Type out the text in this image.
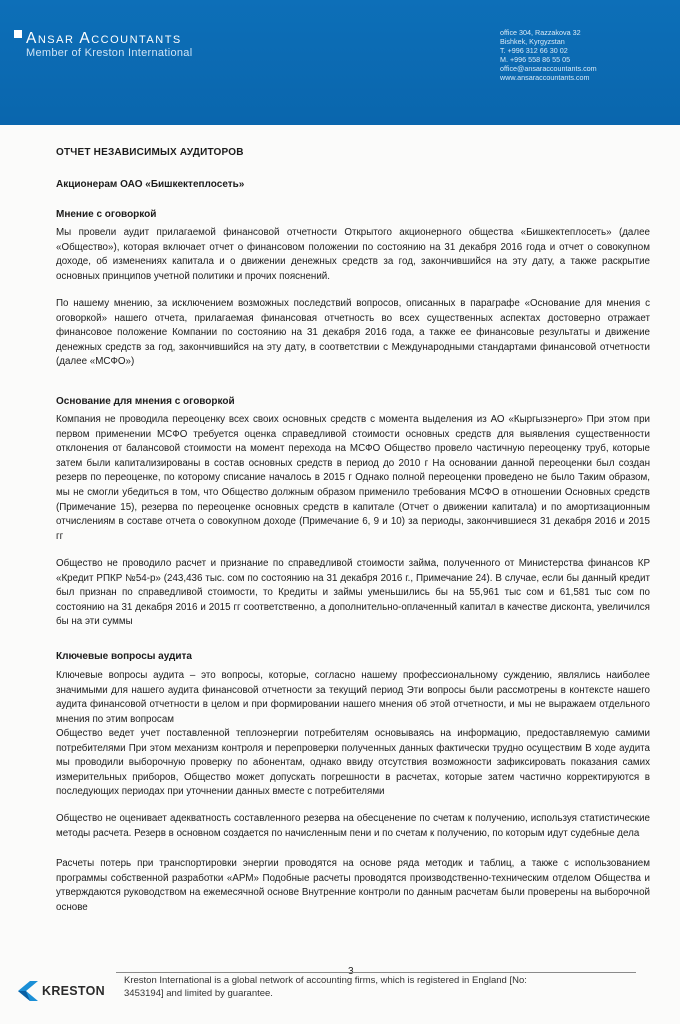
Ansar Accountants
Member of Kreston International
office 304, Razzakova 32
Bishkek, Kyrgyzstan
T. +996 312 66 30 02
M. +996 558 86 55 05
office@ansaraccountants.com
www.ansaraccountants.com
ОТЧЕТ НЕЗАВИСИМЫХ АУДИТОРОВ
Акционерам ОАО «Бишкектеплосеть»
Мнение с оговоркой
Мы провели аудит прилагаемой финансовой отчетности Открытого акционерного общества «Бишкектеплосеть» (далее «Общество»), которая включает отчет о финансовом положении по состоянию на 31 декабря 2016 года и отчет о совокупном доходе, об изменениях капитала и о движении денежных средств за год, закончившийся на эту дату, а также раскрытие основных принципов учетной политики и прочих пояснений.
По нашему мнению, за исключением возможных последствий вопросов, описанных в параграфе «Основание для мнения с оговоркой» нашего отчета, прилагаемая финансовая отчетность во всех существенных аспектах достоверно отражает финансовое положение Компании по состоянию на 31 декабря 2016 года, а также ее финансовые результаты и движение денежных средств за год, закончившийся на эту дату, в соответствии с Международными стандартами финансовой отчетности (далее «МСФО»)
Основание для мнения с оговоркой
Компания не проводила переоценку всех своих основных средств с момента выделения из АО «Кыргызэнерго» При этом при первом применении МСФО требуется оценка справедливой стоимости основных средств для выявления существенности отклонения от балансовой стоимости на момент перехода на МСФО Общество провело частичную переоценку труб, которые затем были капитализированы в состав основных средств в период до 2010 г На основании данной переоценки был создан резерв по переоценке, по которому списание началось в 2015 г Однако полной переоценки проведено не было Таким образом, мы не смогли убедиться в том, что Общество должным образом применило требования МСФО в отношении Основных средств (Примечание 15), резерва по переоценке основных средств в капитале (Отчет о движении капитала) и по амортизационным отчислениям в составе отчета о совокупном доходе (Примечание 6, 9 и 10) за периоды, закончившиеся 31 декабря 2016 и 2015 гг
Общество не проводило расчет и признание по справедливой стоимости займа, полученного от Министерства финансов КР «Кредит РПКР №54-р» (243,436 тыс. сом по состоянию на 31 декабря 2016 г., Примечание 24). В случае, если бы данный кредит был признан по справедливой стоимости, то Кредиты и займы уменьшились бы на 55,961 тыс сом и 61,581 тыс сом по состоянию на 31 декабря 2016 и 2015 гг соответственно, а дополнительно-оплаченный капитал в качестве дисконта, увеличился бы на эти суммы
Ключевые вопросы аудита
Ключевые вопросы аудита – это вопросы, которые, согласно нашему профессиональному суждению, являлись наиболее значимыми для нашего аудита финансовой отчетности за текущий период Эти вопросы были рассмотрены в контексте нашего аудита финансовой отчетности в целом и при формировании нашего мнения об этой отчетности, и мы не выражаем отдельного мнения по этим вопросам
Общество ведет учет поставленной теплоэнергии потребителям основываясь на информацию, предоставляемую самими потребителями При этом механизм контроля и перепроверки полученных данных фактически трудно осуществим В ходе аудита мы проводили выборочную проверку по абонентам, однако ввиду отсутствия возможности зафиксировать показания самих измерительных приборов, Общество может допускать погрешности в расчетах, которые затем частично корректируются в последующих периодах при уточнении данных вместе с потребителями
Общество не оценивает адекватность составленного резерва на обесценение по счетам к получению, используя статистические методы расчета. Резерв в основном создается по начисленным пени и по счетам к получению, по которым идут судебные дела
Расчеты потерь при транспортировки энергии проводятся на основе ряда методик и таблиц, а также с использованием программы собственной разработки «АРМ» Подобные расчеты проводятся производственно-техническим отделом Общества и утверждаются руководством на ежемесячной основе Внутренние контроли по данным расчетам были проверены на выборочной основе
KRESTON
Kreston International is a global network of accounting firms, which is registered in England [No: 3453194] and limited by guarantee.
